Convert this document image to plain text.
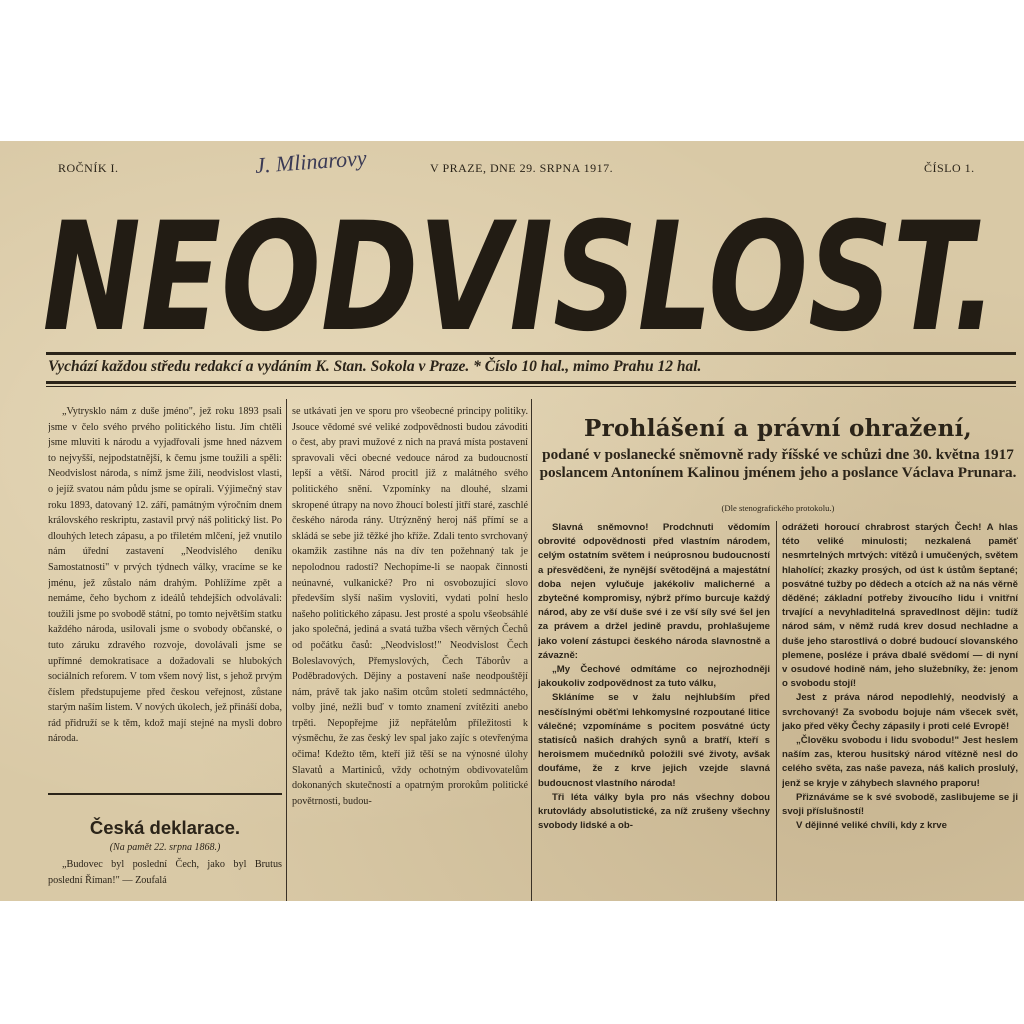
ROČNÍK I.	V PRAZE, DNE 29. SRPNA 1917.	ČÍSLO 1.
J. Mlinarovy
NEODVISLOST.
Vychází každou středu redakcí a vydáním K. Stan. Sokola v Praze. * Číslo 10 hal., mimo Prahu 12 hal.
„Vytrysklo nám z duše jméno", jež roku 1893 psali jsme v čelo svého prvého politického listu. Jím chtěli jsme mluviti k národu a vyjadřovali jsme hned názvem to nejvyšší, nejpodstatnější, k čemu jsme toužili a spěli: Neodvislost národa, s nímž jsme žili, neodvislost vlasti, o jejíž svatou nám půdu jsme se opírali. Výjimečný stav roku 1893, datovaný 12. září, památným výročním dnem královského reskriptu, zastavil prvý náš politický list. Po dlouhých letech zápasu, a po třiletém mlčení, jež vnutilo nám úřední zastavení „Neodvislého deníku Samostatnosti" v prvých týdnech války, vracíme se ke jménu, jež zůstalo nám drahým. Pohlížíme zpět a nemáme, čeho bychom z ideálů tehdejších odvolávali: toužili jsme po svobodě státní, po tomto největším statku každého národa, usilovali jsme o svobody občanské, o tuto záruku zdravého rozvoje, dovolávali jsme se upřímné demokratisace a dožadovali se hlubokých sociálních reforem. V tom všem nový list, s jehož prvým číslem předstupujeme před českou veřejnost, zůstane starým naším listem. V nových úkolech, jež přináší doba, rád přidruží se k těm, kdož mají stejné na mysli dobro národa.
Česká deklarace.
(Na pamět 22. srpna 1868.)
„Budovec byl poslední Čech, jako byl Brutus poslední Říman!" — Zoufalá
se utkávati jen ve sporu pro všeobecné principy politiky. Jsouce vědomé své veliké zodpovědnosti budou závoditi o čest, aby pravi mužové z nich na pravá místa postavení spravovali věci obecné vedouce národ za budoucností lepší a větší. Národ procitl již z malátného svého politického snění. Vzpomínky na dlouhé, slzami skropené útrapy na novo žhoucí bolestí jitří staré, zaschlé českého národa rány. Utrýzněný herој náš přímí se a skládá se sebe již těžké jho kříže. Zdali tento svrchovaný okamžik zastihne nás na dív ten požehnaný tak je nepolodnou radostí? Nechopíme-li se naopak činnosti neúnavné, vulkanické? Pro ni osvobozující slovo především slyší našim vysloviti, vydati polní heslo našeho politického zápasu. Jest prosté a spolu všeobsáhlé jako společná, jediná a svatá tužba všech věrných Čechů od počátku časů: „Neodvislost!" Neodvislost Čech Boleslavových, Přemyslových, Čech Táborův a Poděbradových. Dějiny a postavení naše neodpouštějí nám, právě tak jako našim otcům století sedmnáctého, volby jiné, nežli buď v tomto znamení zvítěziti anebo trpěti. Nepopřejme již nepřátelům příležitosti k výsměchu, že zas český lev spal jako zajíc s otevřenýma očima! Kdežto těm, kteří již těší se na výnosné úlohy Slavatů a Martiniců, vždy ochotným obdivovatelům dokonaných skutečností a opatrným prorokům politické povětrnosti, budou-
Prohlášení a právní ohražení,
podané v poslanecké sněmovně rady říšské ve schůzi dne 30. května 1917 poslancem Antonínem Kalinou jménem jeho a poslance Václava Prunara.
(Dle stenografického protokolu.)
Slavná sněmovno! Prodchnuti vědomím obrovité odpovědnosti před vlastním národem, celým ostatním světem i neúprosnou budoucností a přesvědčeni, že nynější světodějná a majestátní doba nejen vylučuje jakékoliv malicherné a zbytečné kompromisy, nýbrž přímo burcuje každý národ, aby ze vší duše své i ze vší síly své šel jen za právem a držel jedině pravdu, prohlašujeme jako volení zástupci českého národa slavnostně a závazně:
„My Čechové odmítáme co nejrozhodněji jakoukoliv zodpovědnost za tuto válku,
Skláníme se v žalu nejhlubším před nesčíslnými oběťmi lehkomyslné rozpoutané litice válečné; vzpomínáme s pocitem posvátné úcty statisíců našich drahých synů a bratří, kteří s heroismem mučedníků položili své životy, avšak doufáme, že z krve jejich vzejde slavná budoucnost vlastního národa!
Tři léta války byla pro nás všechny dobou krutovlády absolutistické, za níž zrušeny všechny svobody lidské a ob-
odrážeti horoucí chrabrost starých Čech! A hlas této veliké minulosti; nezkalená paměť nesmrtelných mrtvých: vítězů i umučených, světem hlaholící; zkazky prosých, od úst k ústům šeptané; posvátné tužby po dědech a otcích až na nás věrně děděné; základní potřeby živoucího lidu i vnitřní trvající a nevyhladitelná spravedlnost dějin: tudíž národ sám, v němž rudá krev dosud nechladne a duše jeho starostlivá o dobré budoucí slovanského plemene, posléze i práva dbalé svědomí — di nyní v osudové hodině nám, jeho služebníky, že: jenom o svobodu stojí!
Jest z práva národ nepodlehlý, neodvislý a svrchovaný! Za svobodu bojuje nám všecek svět, jako před věky Čechy zápasily i proti celé Evropě!
„Člověku svobodu i lidu svobodu!" Jest heslem naším zas, kterou husitský národ vítězně nesl do celého světa, zas naše paveza, náš kalich proslulý, jenž se kryje v záhybech slavného praporu!
Přiznáváme se k své svobodě, zaslibujeme se ji svoji příslušností!
V dějinné veliké chvíli, kdy z krve
